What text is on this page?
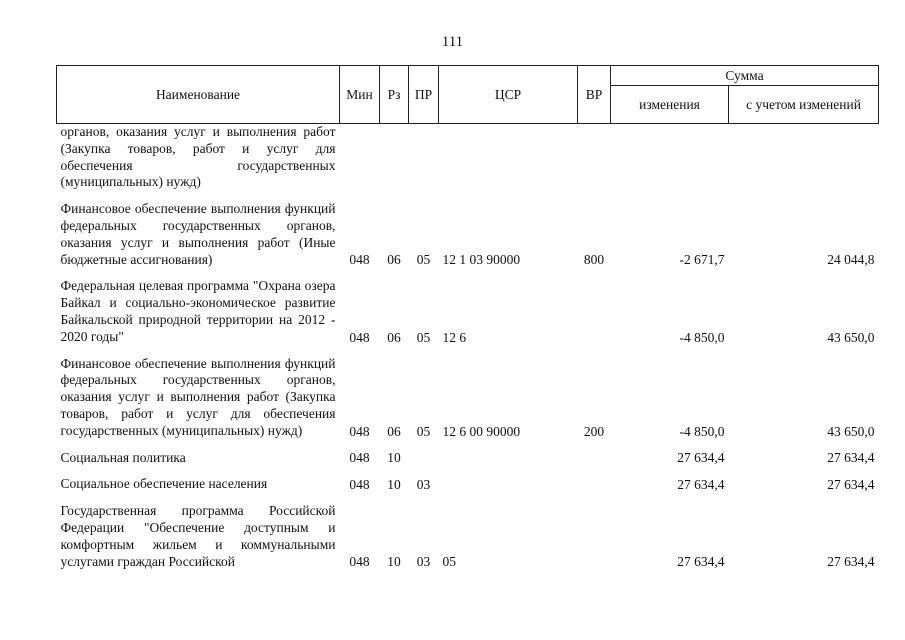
111
Наименование	Мин	Рз	ПР	ЦСР	ВР	Сумма	
						изменения	с учетом изменений
органов, оказания услуг и выполнения работ (Закупка товаров, работ и услуг для обеспечения государственных (муниципальных) нужд)							

Финансовое обеспечение выполнения функций федеральных государственных органов, оказания услуг и выполнения работ (Иные бюджетные ассигнования)	048	06	05	12 1 03 90000	800	-2 671,7	24 044,8

Федеральная целевая программа "Охрана озера Байкал и социально-экономическое развитие Байкальской природной территории на 2012 - 2020 годы"	048	06	05	12 6		-4 850,0	43 650,0

Финансовое обеспечение выполнения функций федеральных государственных органов, оказания услуг и выполнения работ (Закупка товаров, работ и услуг для обеспечения государственных (муниципальных) нужд)	048	06	05	12 6 00 90000	200	-4 850,0	43 650,0

Социальная политика	048	10				27 634,4	27 634,4

Социальное обеспечение населения	048	10	03			27 634,4	27 634,4

Государственная программа Российской Федерации "Обеспечение доступным и комфортным жильем и коммунальными услугами граждан Российской	048	10	03	05		27 634,4	27 634,4
